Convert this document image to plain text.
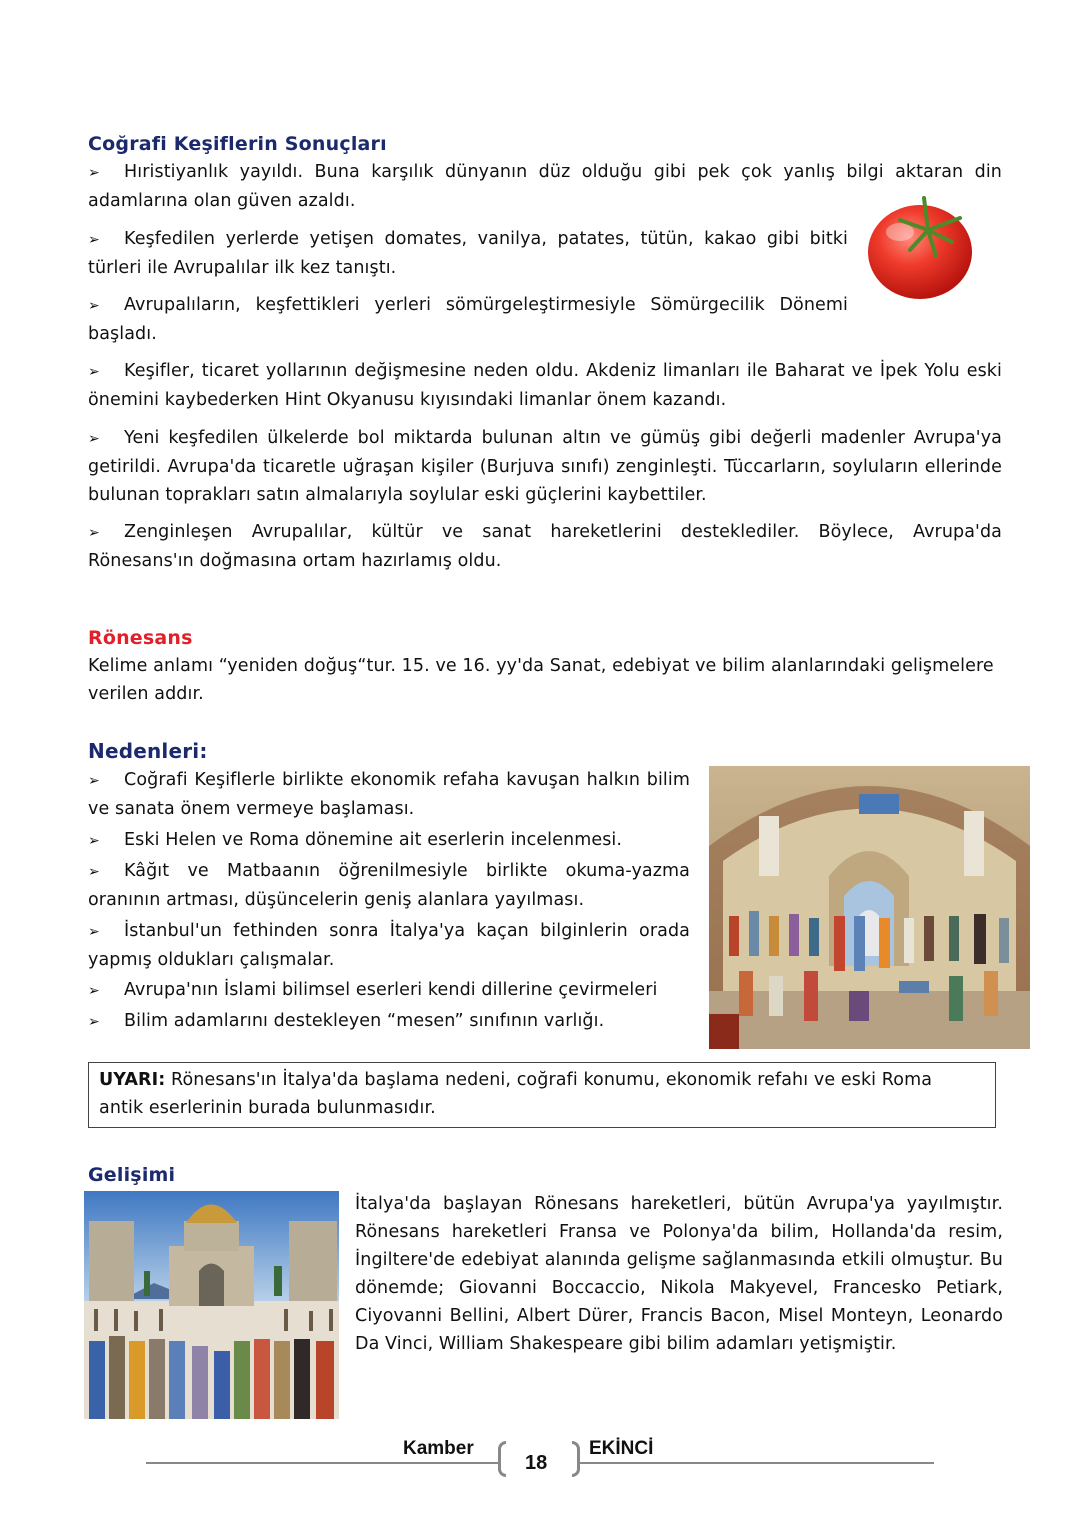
Coğrafi Keşiflerin Sonuçları
➢ Hıristiyanlık yayıldı. Buna karşılık dünyanın düz olduğu gibi pek çok yanlış bilgi aktaran din adamlarına olan güven azaldı.
➢ Keşfedilen yerlerde yetişen domates, vanilya, patates, tütün, kakao gibi bitki türleri ile Avrupalılar ilk kez tanıştı.
➢ Avrupalıların, keşfettikleri yerleri sömürgeleştirmesiyle Sömürgecilik Dönemi başladı.
➢ Keşifler, ticaret yollarının değişmesine neden oldu. Akdeniz limanları ile Baharat ve İpek Yolu eski önemini kaybederken Hint Okyanusu kıyısındaki limanlar önem kazandı.
➢ Yeni keşfedilen ülkelerde bol miktarda bulunan altın ve gümüş gibi değerli madenler Avrupa'ya getirildi. Avrupa'da ticaretle uğraşan kişiler (Burjuva sınıfı) zenginleşti. Tüccarların, soyluların ellerinde bulunan toprakları satın almalarıyla soylular eski güçlerini kaybettiler.
➢ Zenginleşen Avrupalılar, kültür ve sanat hareketlerini desteklediler. Böylece, Avrupa'da Rönesans'ın doğmasına ortam hazırlamış oldu.
Rönesans
Kelime anlamı “yeniden doğuş“tur. 15. ve 16. yy'da Sanat, edebiyat ve bilim alanlarındaki gelişmelere verilen addır.
Nedenleri:
➢ Coğrafi Keşiflerle birlikte ekonomik refaha kavuşan halkın bilim ve sanata önem vermeye başlaması.
➢ Eski Helen ve Roma dönemine ait eserlerin incelenmesi.
➢ Kâğıt ve Matbaanın öğrenilmesiyle birlikte okuma-yazma oranının artması, düşüncelerin geniş alanlara yayılması.
➢ İstanbul'un fethinden sonra İtalya'ya kaçan bilginlerin orada yapmış oldukları çalışmalar.
➢ Avrupa'nın İslami bilimsel eserleri kendi dillerine çevirmeleri
➢ Bilim adamlarını destekleyen “mesen” sınıfının varlığı.
UYARI: Rönesans'ın İtalya'da başlama nedeni, coğrafi konumu, ekonomik refahı ve eski Roma antik eserlerinin burada bulunmasıdır.
Gelişimi
İtalya'da başlayan Rönesans hareketleri, bütün Avrupa'ya yayılmıştır. Rönesans hareketleri Fransa ve Polonya'da bilim, Hollanda'da resim, İngiltere'de edebiyat alanında gelişme sağlanmasında etkili olmuştur. Bu dönemde; Giovanni Boccaccio, Nikola Makyevel, Francesko Petiark, Ciyovanni Bellini, Albert Dürer, Francis Bacon, Misel Monteyn, Leonardo Da Vinci, William Shakespeare gibi bilim adamları yetişmiştir.
Kamber
18
EKİNCİ
